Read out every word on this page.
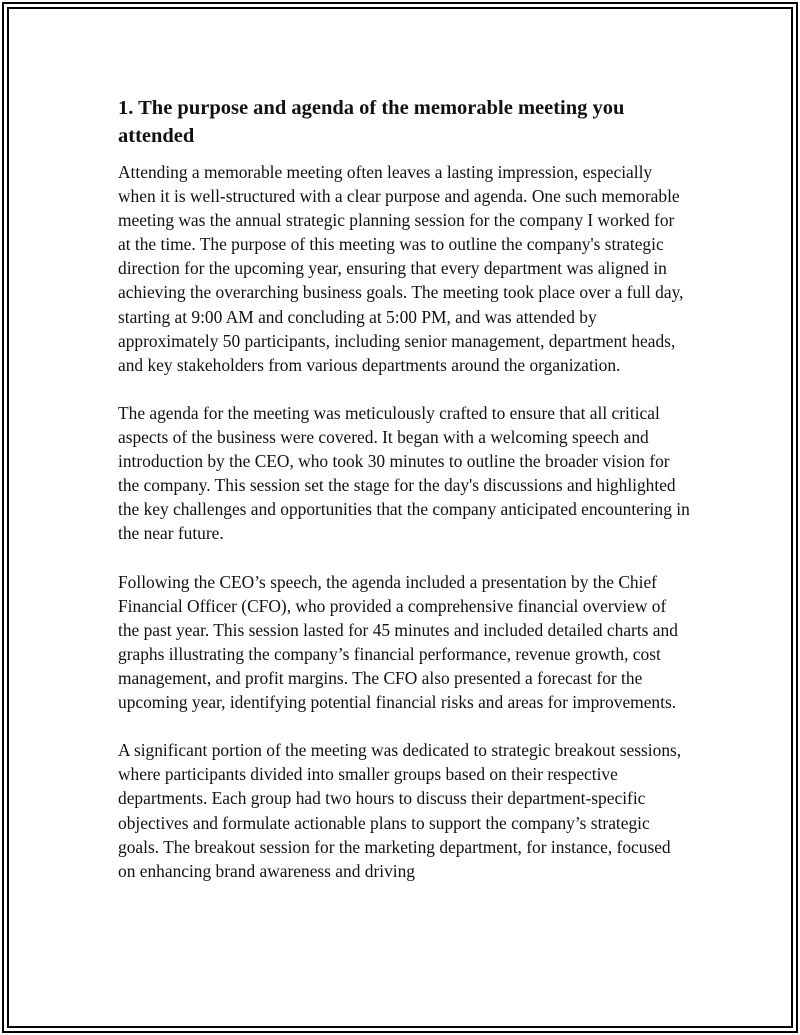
1. The purpose and agenda of the memorable meeting you attended

Attending a memorable meeting often leaves a lasting impression, especially when it is well-structured with a clear purpose and agenda. One such memorable meeting was the annual strategic planning session for the company I worked for at the time. The purpose of this meeting was to outline the company's strategic direction for the upcoming year, ensuring that every department was aligned in achieving the overarching business goals. The meeting took place over a full day, starting at 9:00 AM and concluding at 5:00 PM, and was attended by approximately 50 participants, including senior management, department heads, and key stakeholders from various departments around the organization.

The agenda for the meeting was meticulously crafted to ensure that all critical aspects of the business were covered. It began with a welcoming speech and introduction by the CEO, who took 30 minutes to outline the broader vision for the company. This session set the stage for the day's discussions and highlighted the key challenges and opportunities that the company anticipated encountering in the near future.

Following the CEO’s speech, the agenda included a presentation by the Chief Financial Officer (CFO), who provided a comprehensive financial overview of the past year. This session lasted for 45 minutes and included detailed charts and graphs illustrating the company’s financial performance, revenue growth, cost management, and profit margins. The CFO also presented a forecast for the upcoming year, identifying potential financial risks and areas for improvements.

A significant portion of the meeting was dedicated to strategic breakout sessions, where participants divided into smaller groups based on their respective departments. Each group had two hours to discuss their department-specific objectives and formulate actionable plans to support the company’s strategic goals. The breakout session for the marketing department, for instance, focused on enhancing brand awareness and driving
